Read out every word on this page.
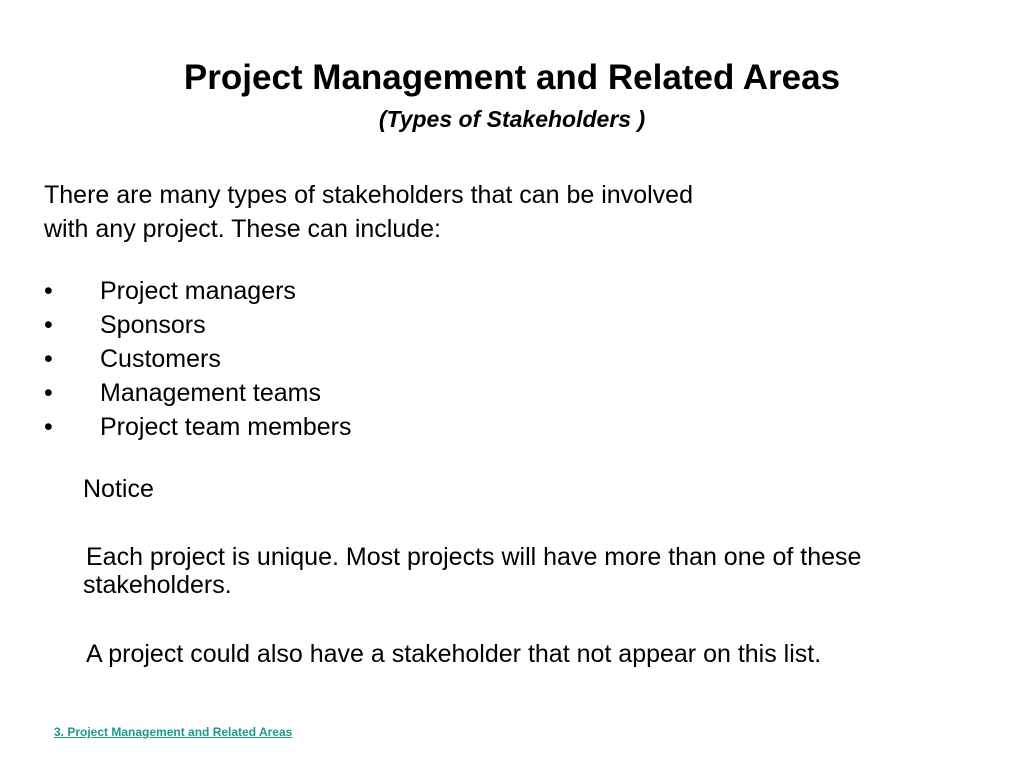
Project Management and Related Areas
(Types of Stakeholders )
There are many types of stakeholders that can be involved
with any project. These can include:
• Project managers
• Sponsors
• Customers
• Management teams
• Project team members
Notice
Each project is unique. Most projects will have more than one of these stakeholders.
A project could also have a stakeholder that not appear on this list.
3. Project Management and Related Areas
